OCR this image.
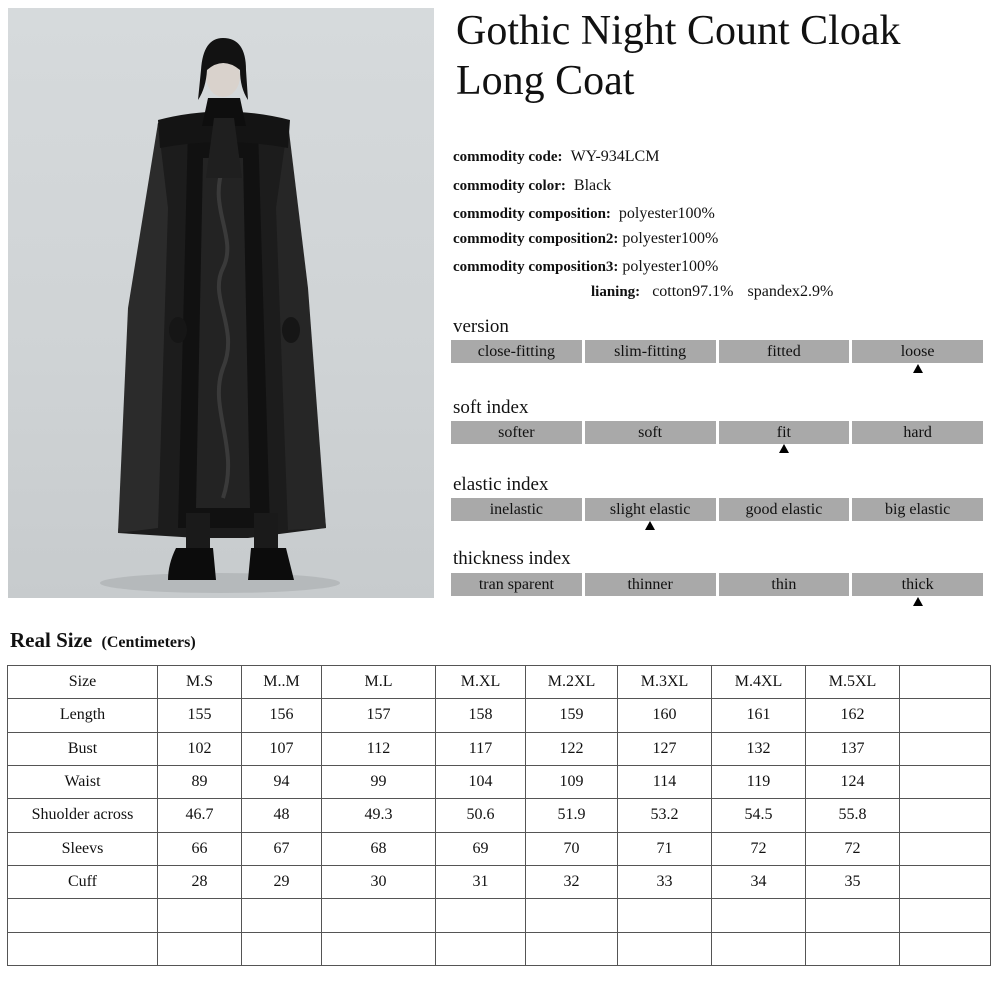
Gothic Night Count Cloak Long Coat
commodity code: WY-934LCM
commodity color: Black
commodity composition: polyester100%
commodity composition2: polyester100%
commodity composition3: polyester100%
lianing: cotton97.1% spandex2.9%
version
close-fitting	slim-fitting	fitted	loose
soft index
softer	soft	fit	hard
elastic index
inelastic	slight elastic	good elastic	big elastic
thickness index
tran sparent	thinner	thin	thick
Real Size (Centimeters)
Size	M.S	M..M	M.L	M.XL	M.2XL	M.3XL	M.4XL	M.5XL	
Length	155	156	157	158	159	160	161	162	
Bust	102	107	112	117	122	127	132	137	
Waist	89	94	99	104	109	114	119	124	
Shuolder across	46.7	48	49.3	50.6	51.9	53.2	54.5	55.8	
Sleevs	66	67	68	69	70	71	72	72	
Cuff	28	29	30	31	32	33	34	35	
